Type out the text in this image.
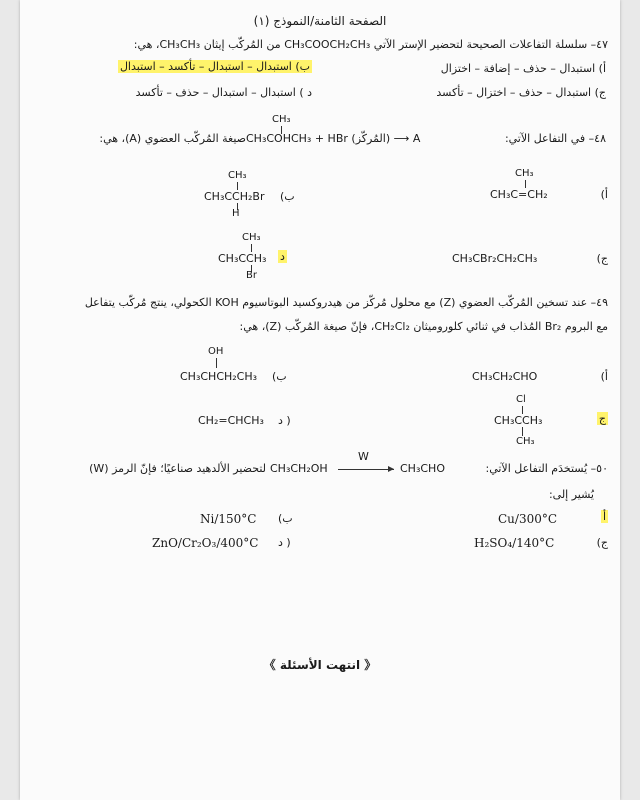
الصفحة الثامنة/النموذج (١)
٤٧– سلسلة التفاعلات الصحيحة لتحضير الإستر الآتي CH₃COOCH₂CH₃ من المُركّب إيثان CH₃CH₃، هي:
أ) استبدال – حذف – إضافة – اختزال
ب) استبدال – استبدال – تأكسد – استبدال
ج) استبدال – حذف – اختزال – تأكسد
د ) استبدال – استبدال – حذف – تأكسد
CH₃
٤٨– في التفاعل الآتي:
CH₃COHCH₃ + HBr (المُركّز) ⟶ A
صيغة المُركّب العضوي (A)، هي:
CH₃
CH₃C=CH₂	أ)
CH₃
CH₃CCH₂Br
H
(ب
CH₃CBr₂CH₂CH₃	ج)
CH₃
CH₃CCH₃
Br
د
٤٩– عند تسخين المُركّب العضوي (Z) مع محلول مُركّز من هيدروكسيد البوتاسيوم KOH الكحولي، ينتج مُركّب يتفاعل
مع البروم Br₂ المُذاب في ثنائي كلوروميثان CH₂Cl₂، فإنّ صيغة المُركّب (Z)، هي:
CH₃CH₂CHO	أ)
OH
CH₃CHCH₂CH₃ (ب
Cl
CH₃CCH₃
CH₃
ج
CH₂=CHCH₃ د )
٥٠– يُستخدَم التفاعل الآتي:
CH₃CHO
W
CH₃CH₂OH
لتحضير الألدهيد صناعيًا؛ فإنّ الرمز (W)
يُشير إلى:
Cu/300°C	أ
Ni/150°C (ب
H₂SO₄/140°C	ج)
ZnO/Cr₂O₃/400°C د )
《 انتهت الأسئلة 》
